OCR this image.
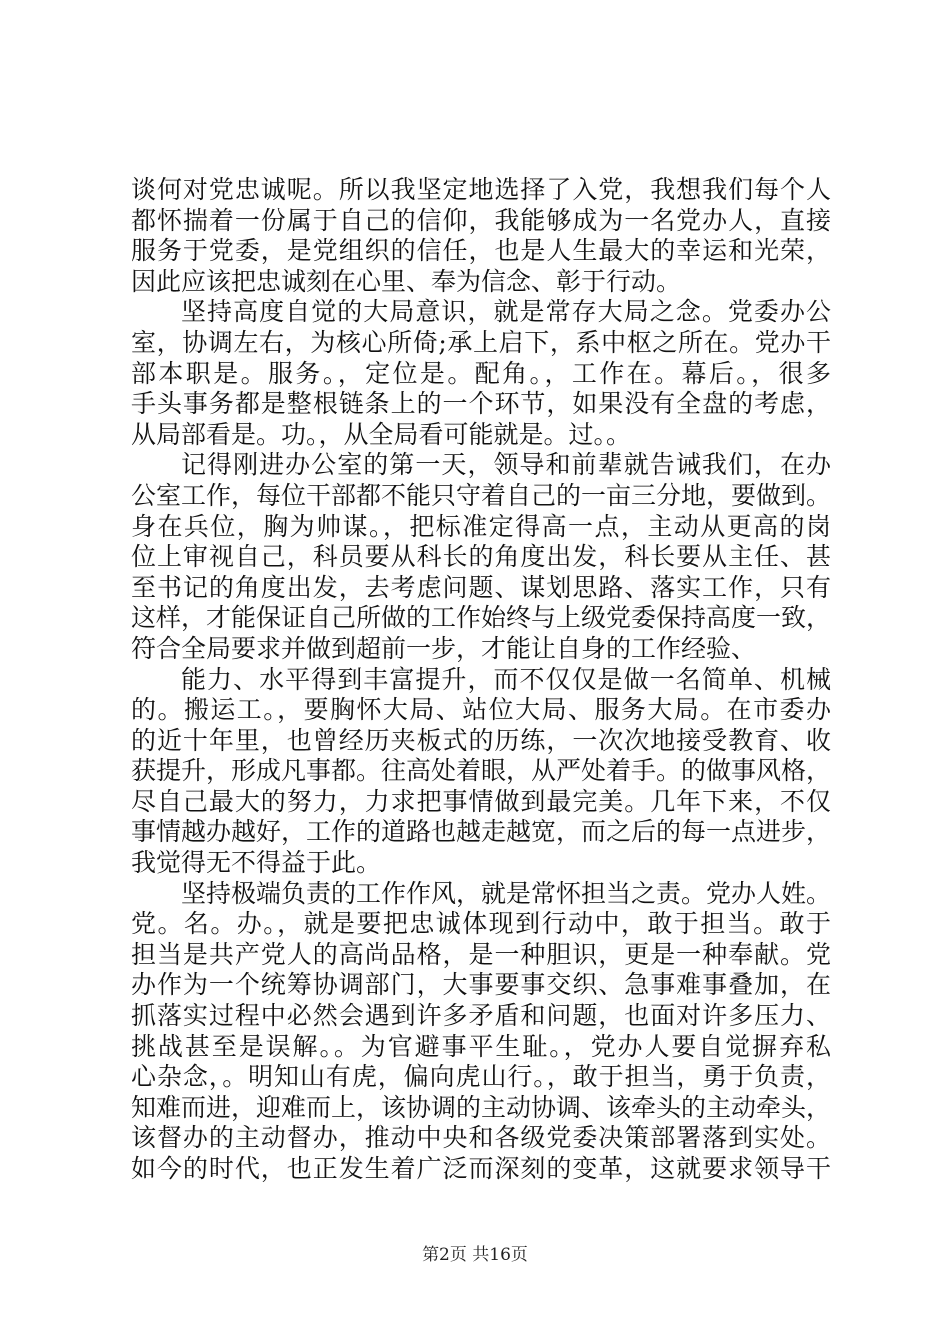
谈何对党忠诚呢。所以我坚定地选择了入党，我想我们每个人
都怀揣着一份属于自己的信仰，我能够成为一名党办人，直接
服务于党委，是党组织的信任，也是人生最大的幸运和光荣，
因此应该把忠诚刻在心里、奉为信念、彰于行动。
坚持高度自觉的大局意识，就是常存大局之念。党委办公
室，协调左右，为核心所倚;承上启下，系中枢之所在。党办干
部本职是。服务。，定位是。配角。，工作在。幕后。，很多
手头事务都是整根链条上的一个环节，如果没有全盘的考虑，
从局部看是。功。，从全局看可能就是。过。。
记得刚进办公室的第一天，领导和前辈就告诫我们，在办
公室工作，每位干部都不能只守着自己的一亩三分地，要做到。
身在兵位，胸为帅谋。，把标准定得高一点，主动从更高的岗
位上审视自己，科员要从科长的角度出发，科长要从主任、甚
至书记的角度出发，去考虑问题、谋划思路、落实工作，只有
这样，才能保证自己所做的工作始终与上级党委保持高度一致，
符合全局要求并做到超前一步，才能让自身的工作经验、
能力、水平得到丰富提升，而不仅仅是做一名简单、机械
的。搬运工。，要胸怀大局、站位大局、服务大局。在市委办
的近十年里，也曾经历夹板式的历练，一次次地接受教育、收
获提升，形成凡事都。往高处着眼，从严处着手。的做事风格，
尽自己最大的努力，力求把事情做到最完美。几年下来，不仅
事情越办越好，工作的道路也越走越宽，而之后的每一点进步，
我觉得无不得益于此。
坚持极端负责的工作作风，就是常怀担当之责。党办人姓。
党。名。办。，就是要把忠诚体现到行动中，敢于担当。敢于
担当是共产党人的高尚品格，是一种胆识，更是一种奉献。党
办作为一个统筹协调部门，大事要事交织、急事难事叠加，在
抓落实过程中必然会遇到许多矛盾和问题，也面对许多压力、
挑战甚至是误解。。为官避事平生耻。，党办人要自觉摒弃私
心杂念，。明知山有虎，偏向虎山行。，敢于担当，勇于负责，
知难而进，迎难而上，该协调的主动协调、该牵头的主动牵头，
该督办的主动督办，推动中央和各级党委决策部署落到实处。
如今的时代，也正发生着广泛而深刻的变革，这就要求领导干
第2页 共16页
